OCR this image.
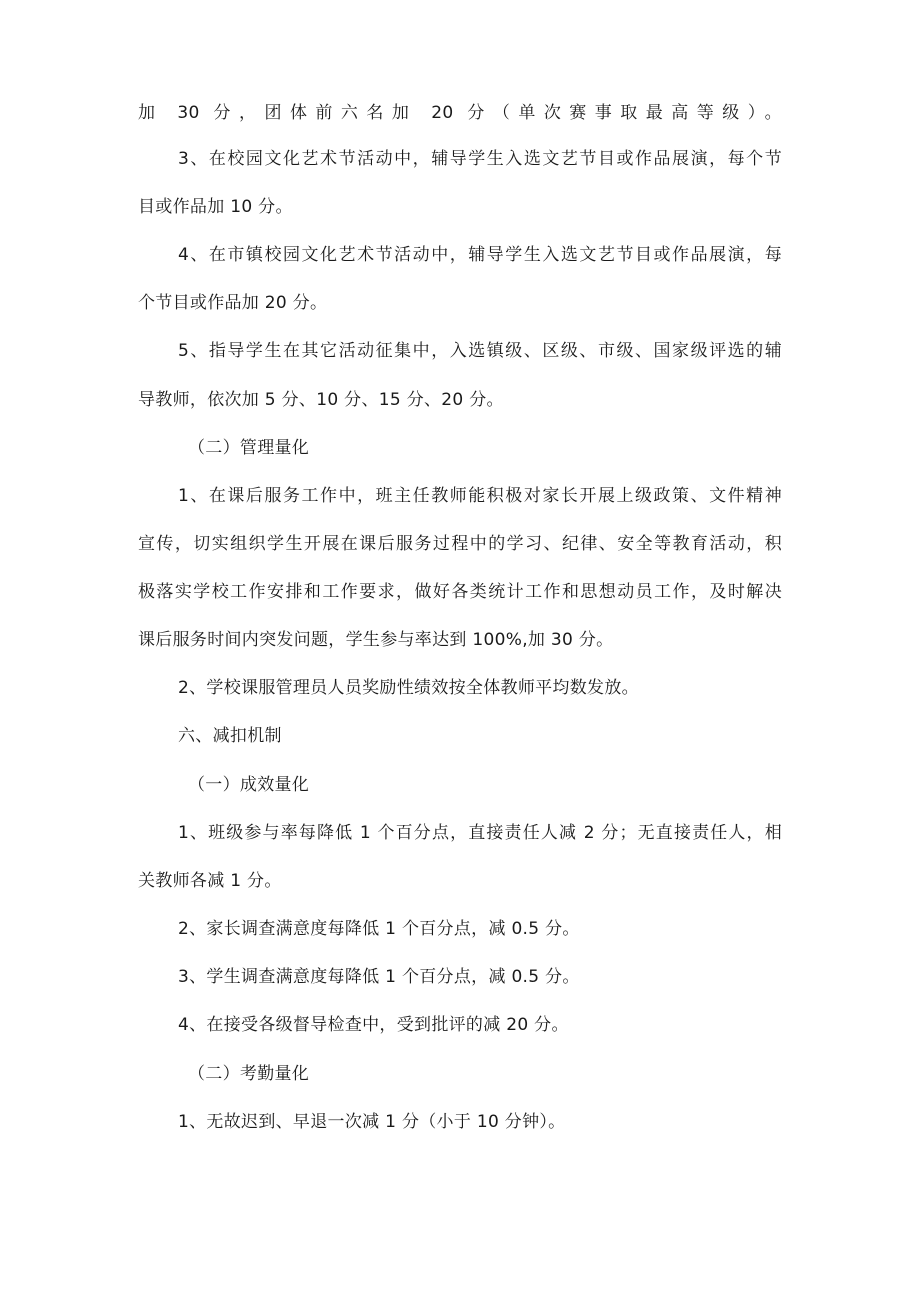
加 30 分，团体前六名加 20 分（单次赛事取最高等级）。
3、在校园文化艺术节活动中，辅导学生入选文艺节目或作品展演，每个节
目或作品加 10 分。
4、在市镇校园文化艺术节活动中，辅导学生入选文艺节目或作品展演，每
个节目或作品加 20 分。
5、指导学生在其它活动征集中，入选镇级、区级、市级、国家级评选的辅
导教师，依次加 5 分、10 分、15 分、20 分。
（二）管理量化
1、在课后服务工作中，班主任教师能积极对家长开展上级政策、文件精神
宣传，切实组织学生开展在课后服务过程中的学习、纪律、安全等教育活动，积
极落实学校工作安排和工作要求，做好各类统计工作和思想动员工作，及时解决
课后服务时间内突发问题，学生参与率达到 100%,加 30 分。
2、学校课服管理员人员奖励性绩效按全体教师平均数发放。
六、减扣机制
（一）成效量化
1、班级参与率每降低 1 个百分点，直接责任人减 2 分；无直接责任人，相
关教师各减 1 分。
2、家长调查满意度每降低 1 个百分点，减 0.5 分。
3、学生调查满意度每降低 1 个百分点，减 0.5 分。
4、在接受各级督导检查中，受到批评的减 20 分。
（二）考勤量化
1、无故迟到、早退一次减 1 分（小于 10 分钟）。
